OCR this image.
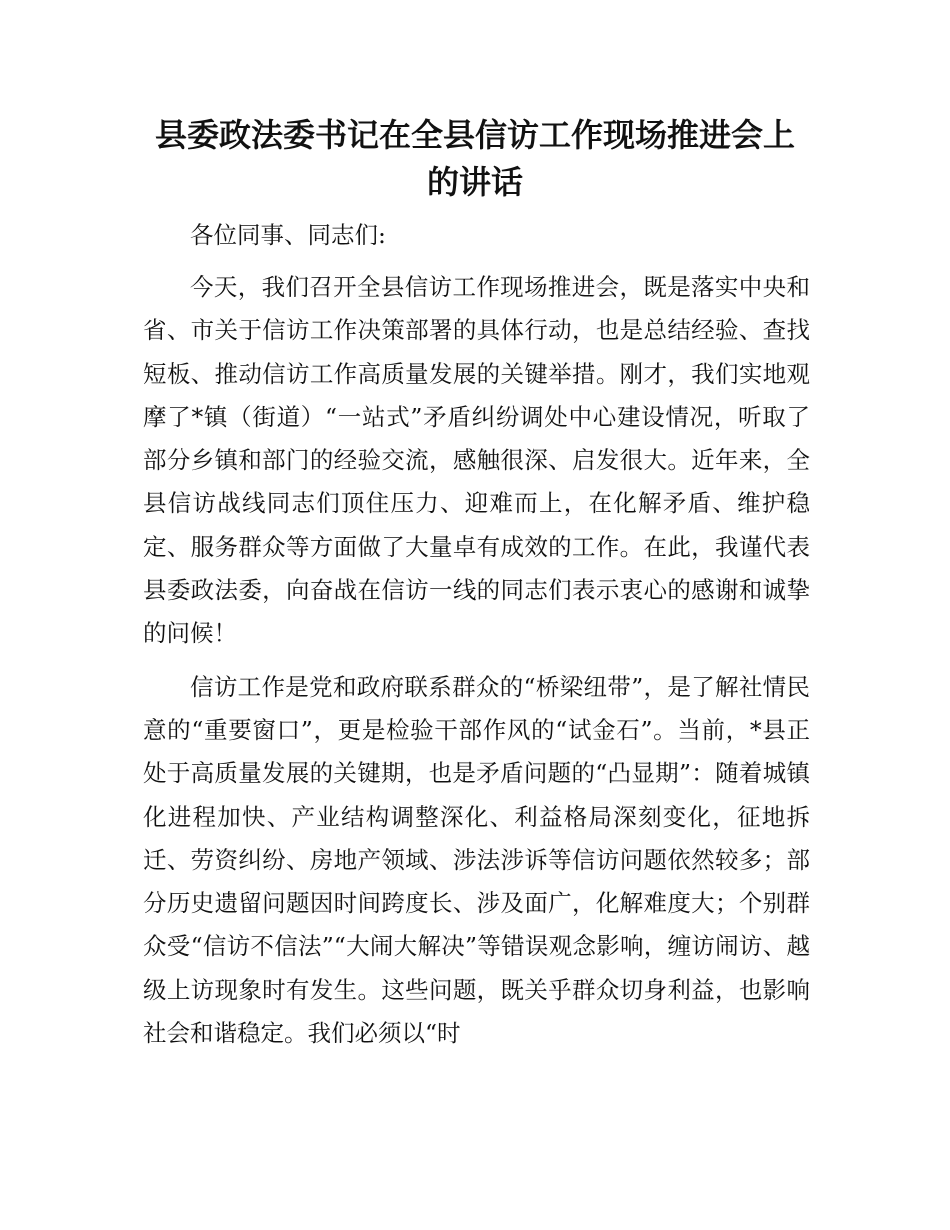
县委政法委书记在全县信访工作现场推进会上
的讲话
各位同事、同志们:

今天，我们召开全县信访工作现场推进会，既是落实中央和省、市关于信访工作决策部署的具体行动，也是总结经验、查找短板、推动信访工作高质量发展的关键举措。刚才，我们实地观摩了*镇（街道）“一站式”矛盾纠纷调处中心建设情况，听取了部分乡镇和部门的经验交流，感触很深、启发很大。近年来，全县信访战线同志们顶住压力、迎难而上，在化解矛盾、维护稳定、服务群众等方面做了大量卓有成效的工作。在此，我谨代表县委政法委，向奋战在信访一线的同志们表示衷心的感谢和诚挚的问候！

信访工作是党和政府联系群众的“桥梁纽带”，是了解社情民意的“重要窗口”，更是检验干部作风的“试金石”。当前，*县正处于高质量发展的关键期，也是矛盾问题的“凸显期”：随着城镇化进程加快、产业结构调整深化、利益格局深刻变化，征地拆迁、劳资纠纷、房地产领域、涉法涉诉等信访问题依然较多；部分历史遗留问题因时间跨度长、涉及面广，化解难度大；个别群众受“信访不信法”“大闹大解决”等错误观念影响，缠访闹访、越级上访现象时有发生。这些问题，既关乎群众切身利益，也影响社会和谐稳定。我们必须以“时
